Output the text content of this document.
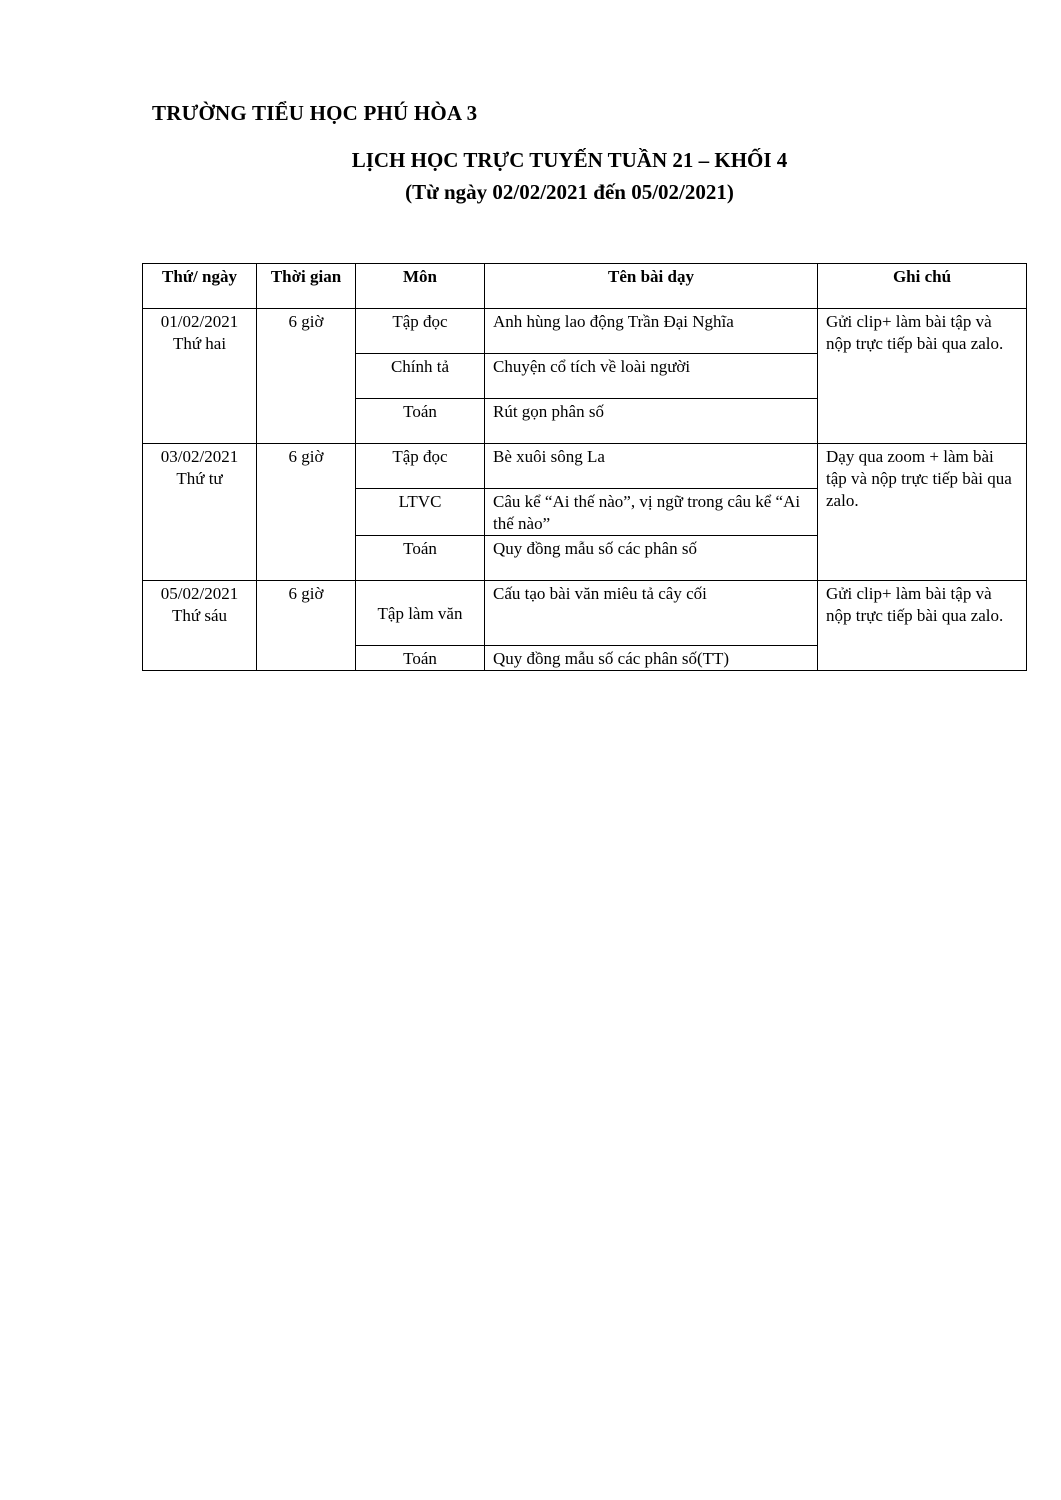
TRƯỜNG TIỂU HỌC PHÚ HÒA 3
LỊCH HỌC TRỰC TUYẾN TUẦN 21 – KHỐI 4
(Từ ngày 02/02/2021 đến 05/02/2021)
Thứ/ ngày	Thời gian	Môn	Tên bài dạy	Ghi chú

01/02/2021
Thứ hai	6 giờ	Tập đọc	Anh hùng lao động Trần Đại Nghĩa	Gửi clip+ làm bài tập và nộp trực tiếp bài qua zalo.
		Chính tả	Chuyện cổ tích về loài người	
		Toán	Rút gọn phân số	

03/02/2021
Thứ tư	6 giờ	Tập đọc	Bè xuôi sông La	Dạy qua zoom + làm bài tập và nộp trực tiếp bài qua zalo.
		LTVC	Câu kể “Ai thế nào”, vị ngữ trong câu kể “Ai thế nào”	
		Toán	Quy đồng mẫu số các phân số	

05/02/2021
Thứ sáu	6 giờ	Tập làm văn	Cấu tạo bài văn miêu tả cây cối	Gửi clip+ làm bài tập và nộp trực tiếp bài qua zalo.
		Toán	Quy đồng mẫu số các phân số(TT)	
